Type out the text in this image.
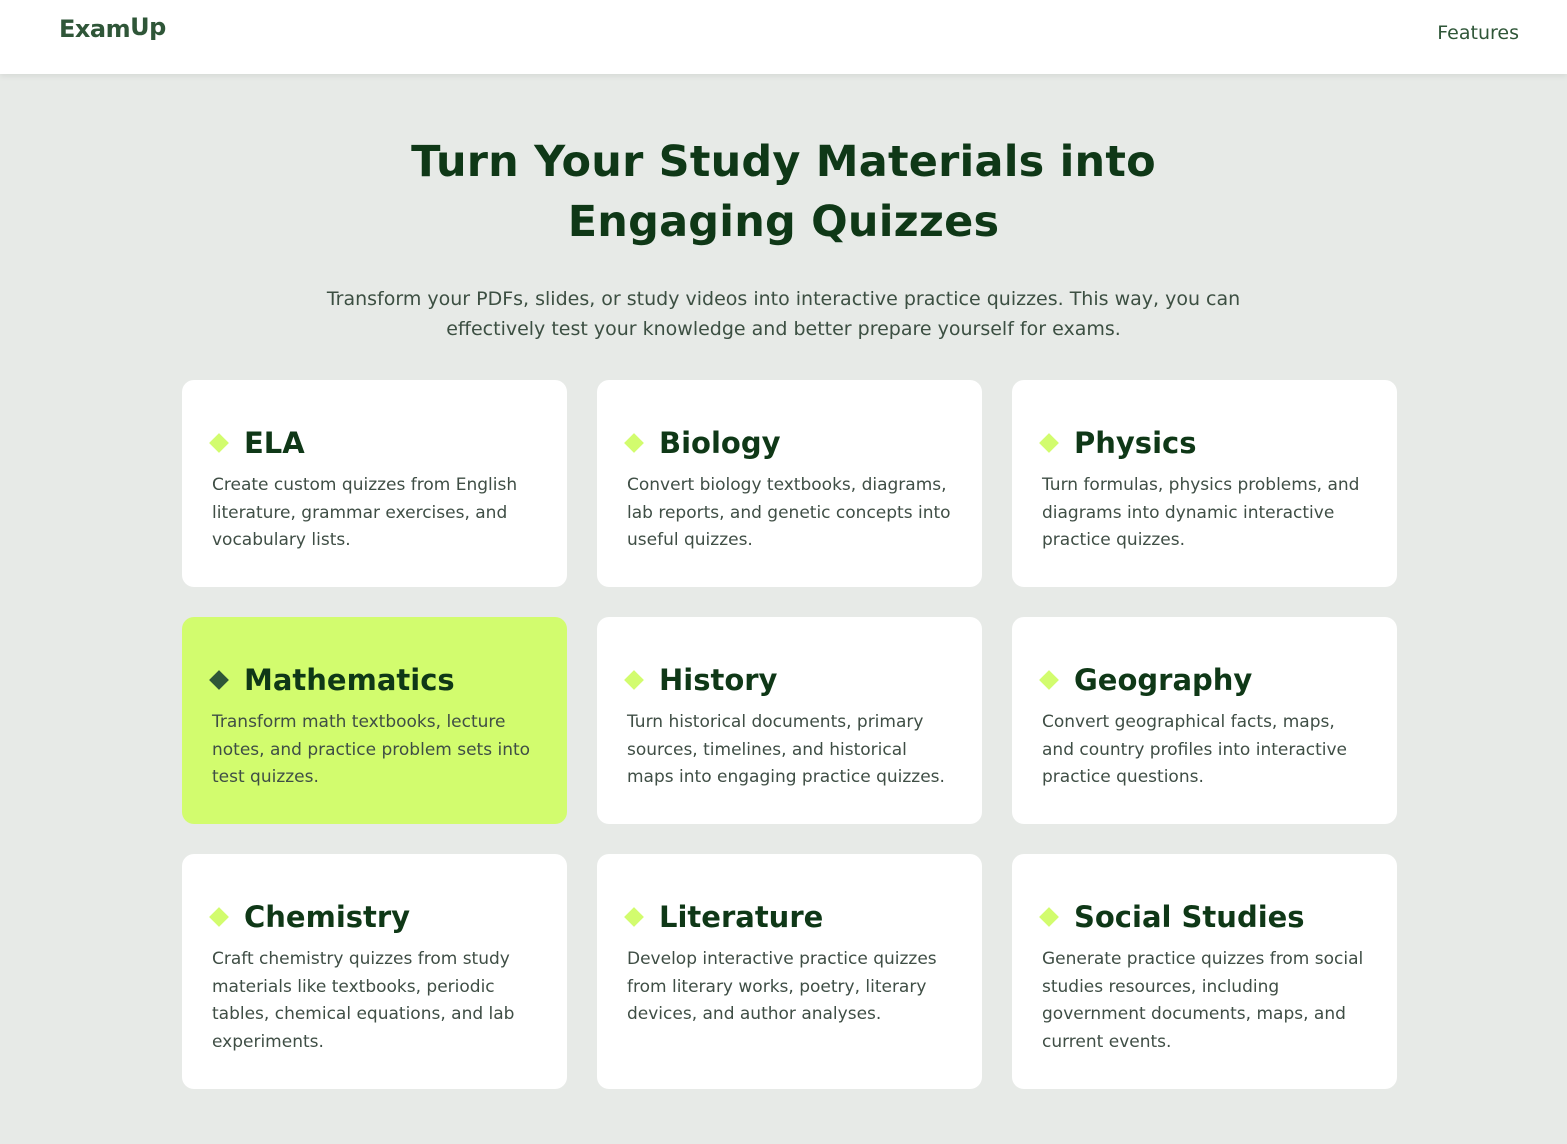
ExamUp	Features
Turn Your Study Materials into
Engaging Quizzes

Transform your PDFs, slides, or study videos into interactive practice quizzes. This way, you can effectively test your knowledge and better prepare yourself for exams.

ELA

Create custom quizzes from English literature, grammar exercises, and vocabulary lists.

Biology

Convert biology textbooks, diagrams, lab reports, and genetic concepts into useful quizzes.

Physics

Turn formulas, physics problems, and diagrams into dynamic interactive practice quizzes.

Mathematics

Transform math textbooks, lecture notes, and practice problem sets into test quizzes.

History

Turn historical documents, primary sources, timelines, and historical maps into engaging practice quizzes.

Geography

Convert geographical facts, maps, and country profiles into interactive practice questions.

Chemistry

Craft chemistry quizzes from study materials like textbooks, periodic tables, chemical equations, and lab experiments.

Literature

Develop interactive practice quizzes from literary works, poetry, literary devices, and author analyses.

Social Studies

Generate practice quizzes from social studies resources, including government documents, maps, and current events.
